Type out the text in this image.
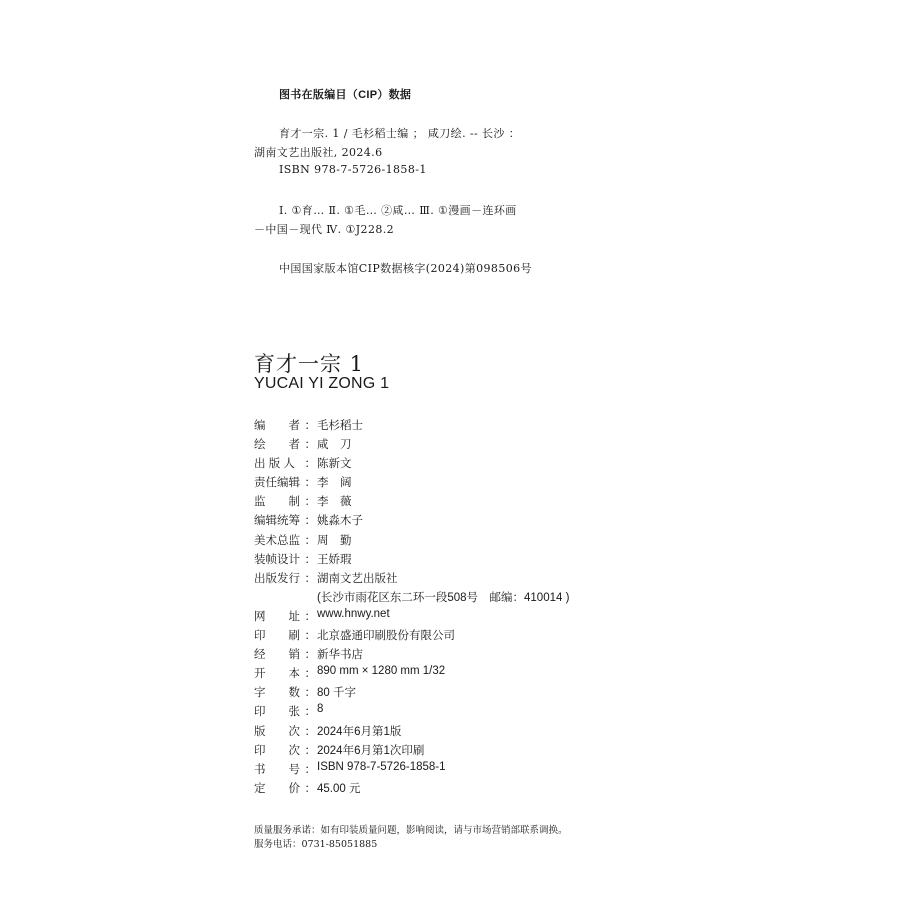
图书在版编目（CIP）数据
育才一宗. 1 / 毛杉稻士编 ； 咸刀绘. -- 长沙 ：
湖南文艺出版社, 2024.6
ISBN 978-7-5726-1858-1
Ⅰ. ①育… Ⅱ. ①毛… ②咸… Ⅲ. ①漫画－连环画
－中国－现代 Ⅳ. ①J228.2
中国国家版本馆CIP数据核字(2024)第098506号
育才一宗 1
YUCAI YI ZONG 1
编　　者 ： 毛杉稻士
绘　　者 ： 咸　刀
出 版 人 ： 陈新文
责任编辑 ： 李　阔
监　　制 ： 李　薇
编辑统筹 ： 姚淼木子
美术总监 ： 周　勤
装帧设计 ： 王娇瑕
出版发行 ： 湖南文艺出版社
(长沙市雨花区东二环一段508号　邮编：410014 )
网　　址 ： www.hnwy.net
印　　刷 ： 北京盛通印刷股份有限公司
经　　销 ： 新华书店
开　　本 ： 890 mm × 1280 mm 1/32
字　　数 ： 80 千字
印　　张 ： 8
版　　次 ： 2024年6月第1版
印　　次 ： 2024年6月第1次印刷
书　　号 ： ISBN 978-7-5726-1858-1
定　　价 ： 45.00 元
质量服务承诺：如有印装质量问题，影响阅读，请与市场营销部联系调换。
服务电话：0731-85051885
